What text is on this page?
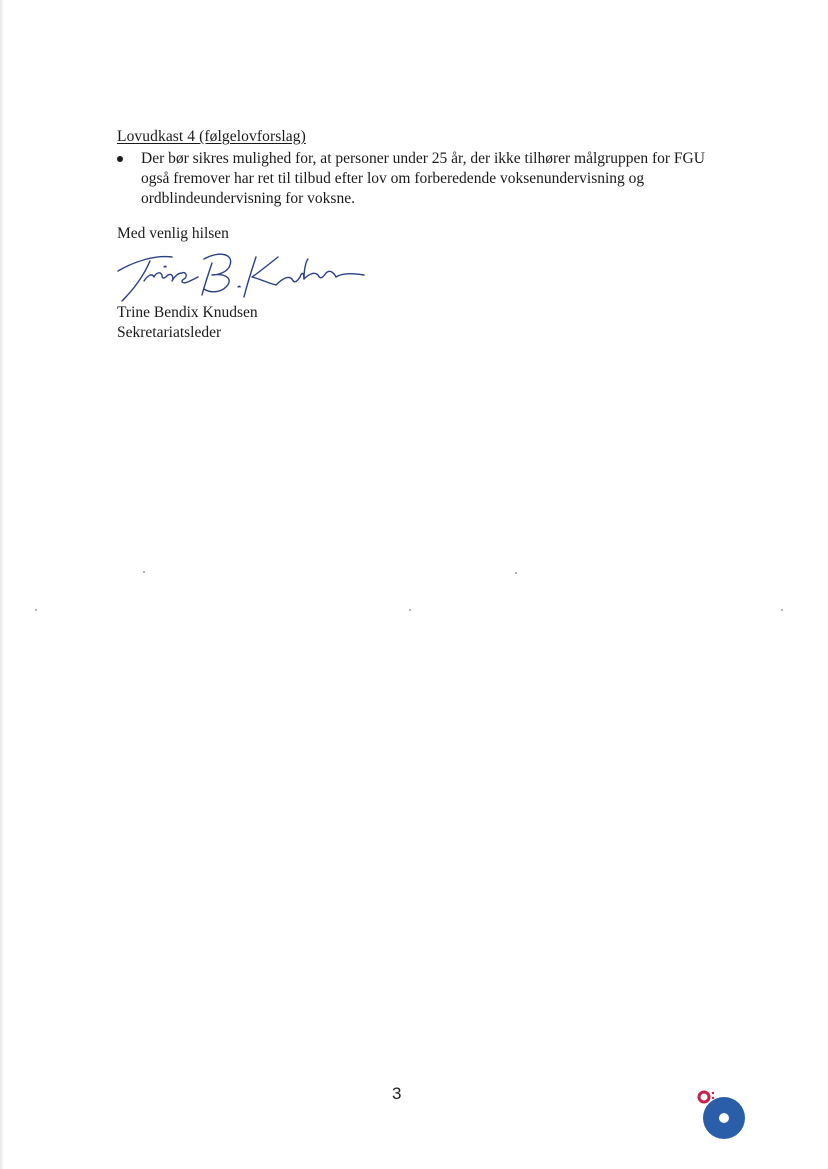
Lovudkast 4 (følgelovforslag)
Der bør sikres mulighed for, at personer under 25 år, der ikke tilhører målgruppen for FGU også fremover har ret til tilbud efter lov om forberedende voksenundervisning og ordblindeundervisning for voksne.
Med venlig hilsen
Trine Bendix Knudsen
Sekretariatsleder
3
